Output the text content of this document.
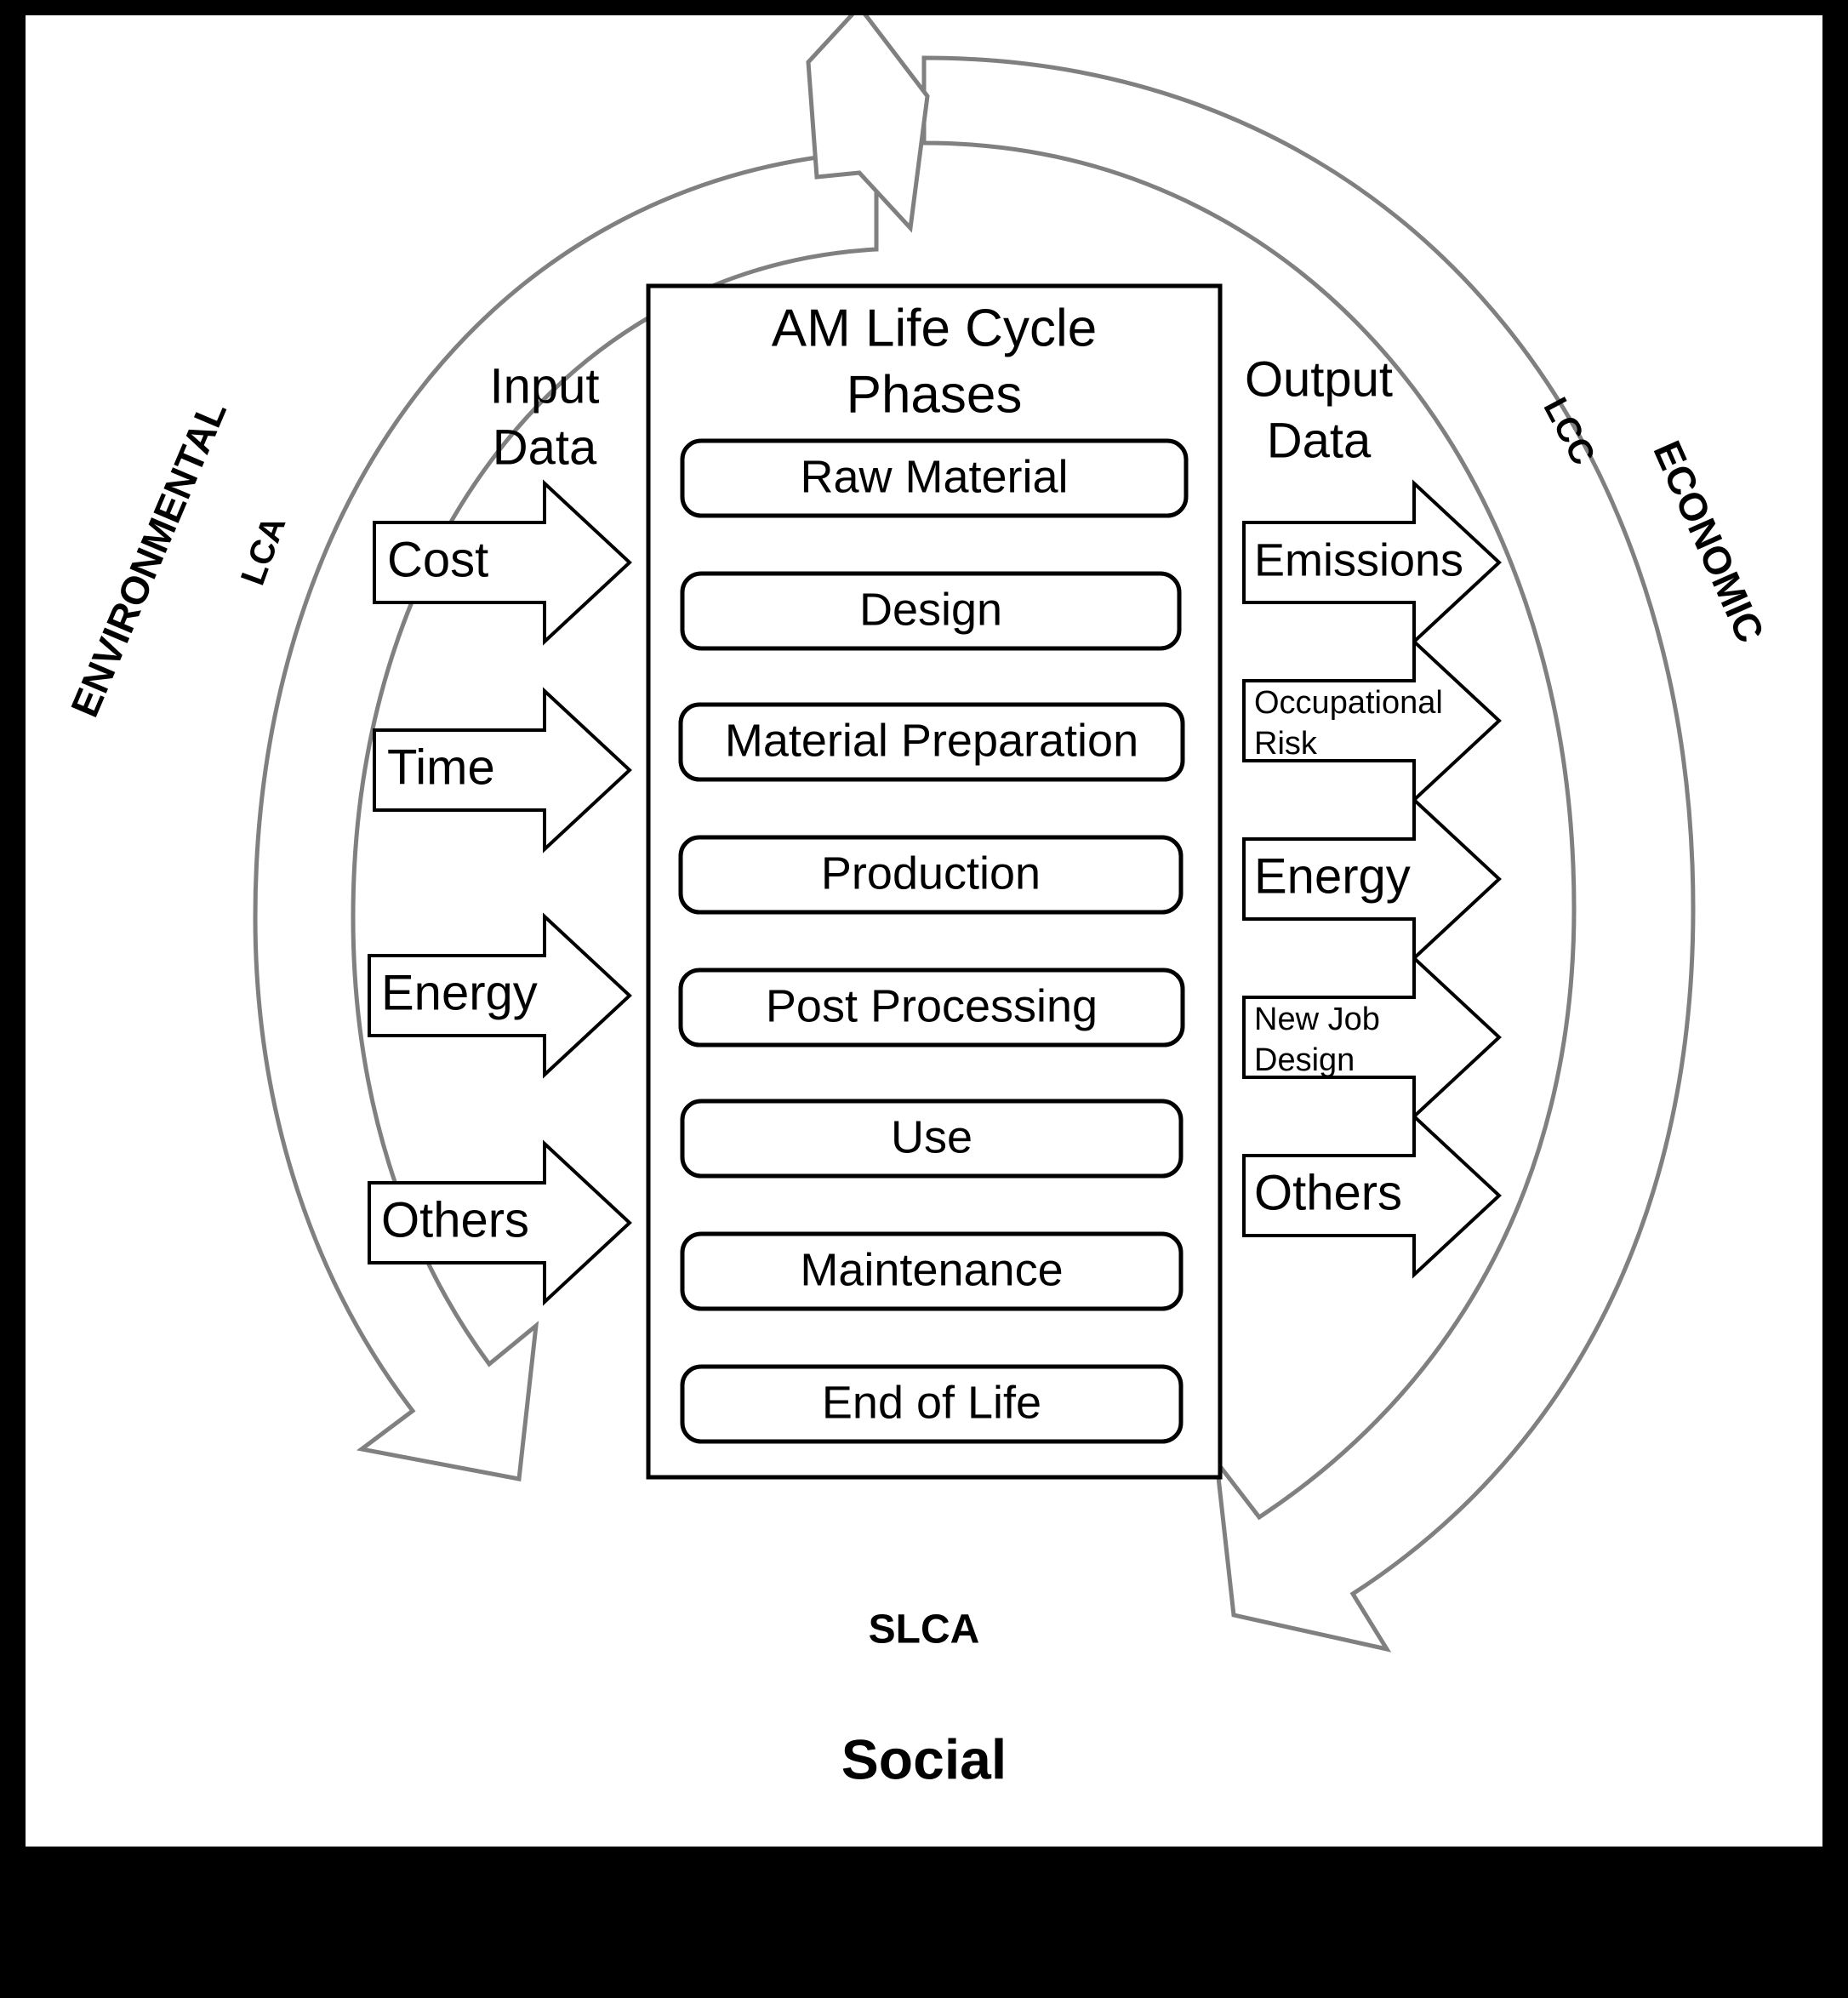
ENVIRONMENTAL	ECONOMIC
LCA
LCC
SLCA
Social
AM Life Cycle
Phases
Raw Material
Design
Material Preparation
Production
Post Processing
Use
Maintenance
End of Life
Input
Data
Cost
Time
Energy
Others
Output
Data
Emissions
Occupational
Risk
Energy
New Job
Design
Others
